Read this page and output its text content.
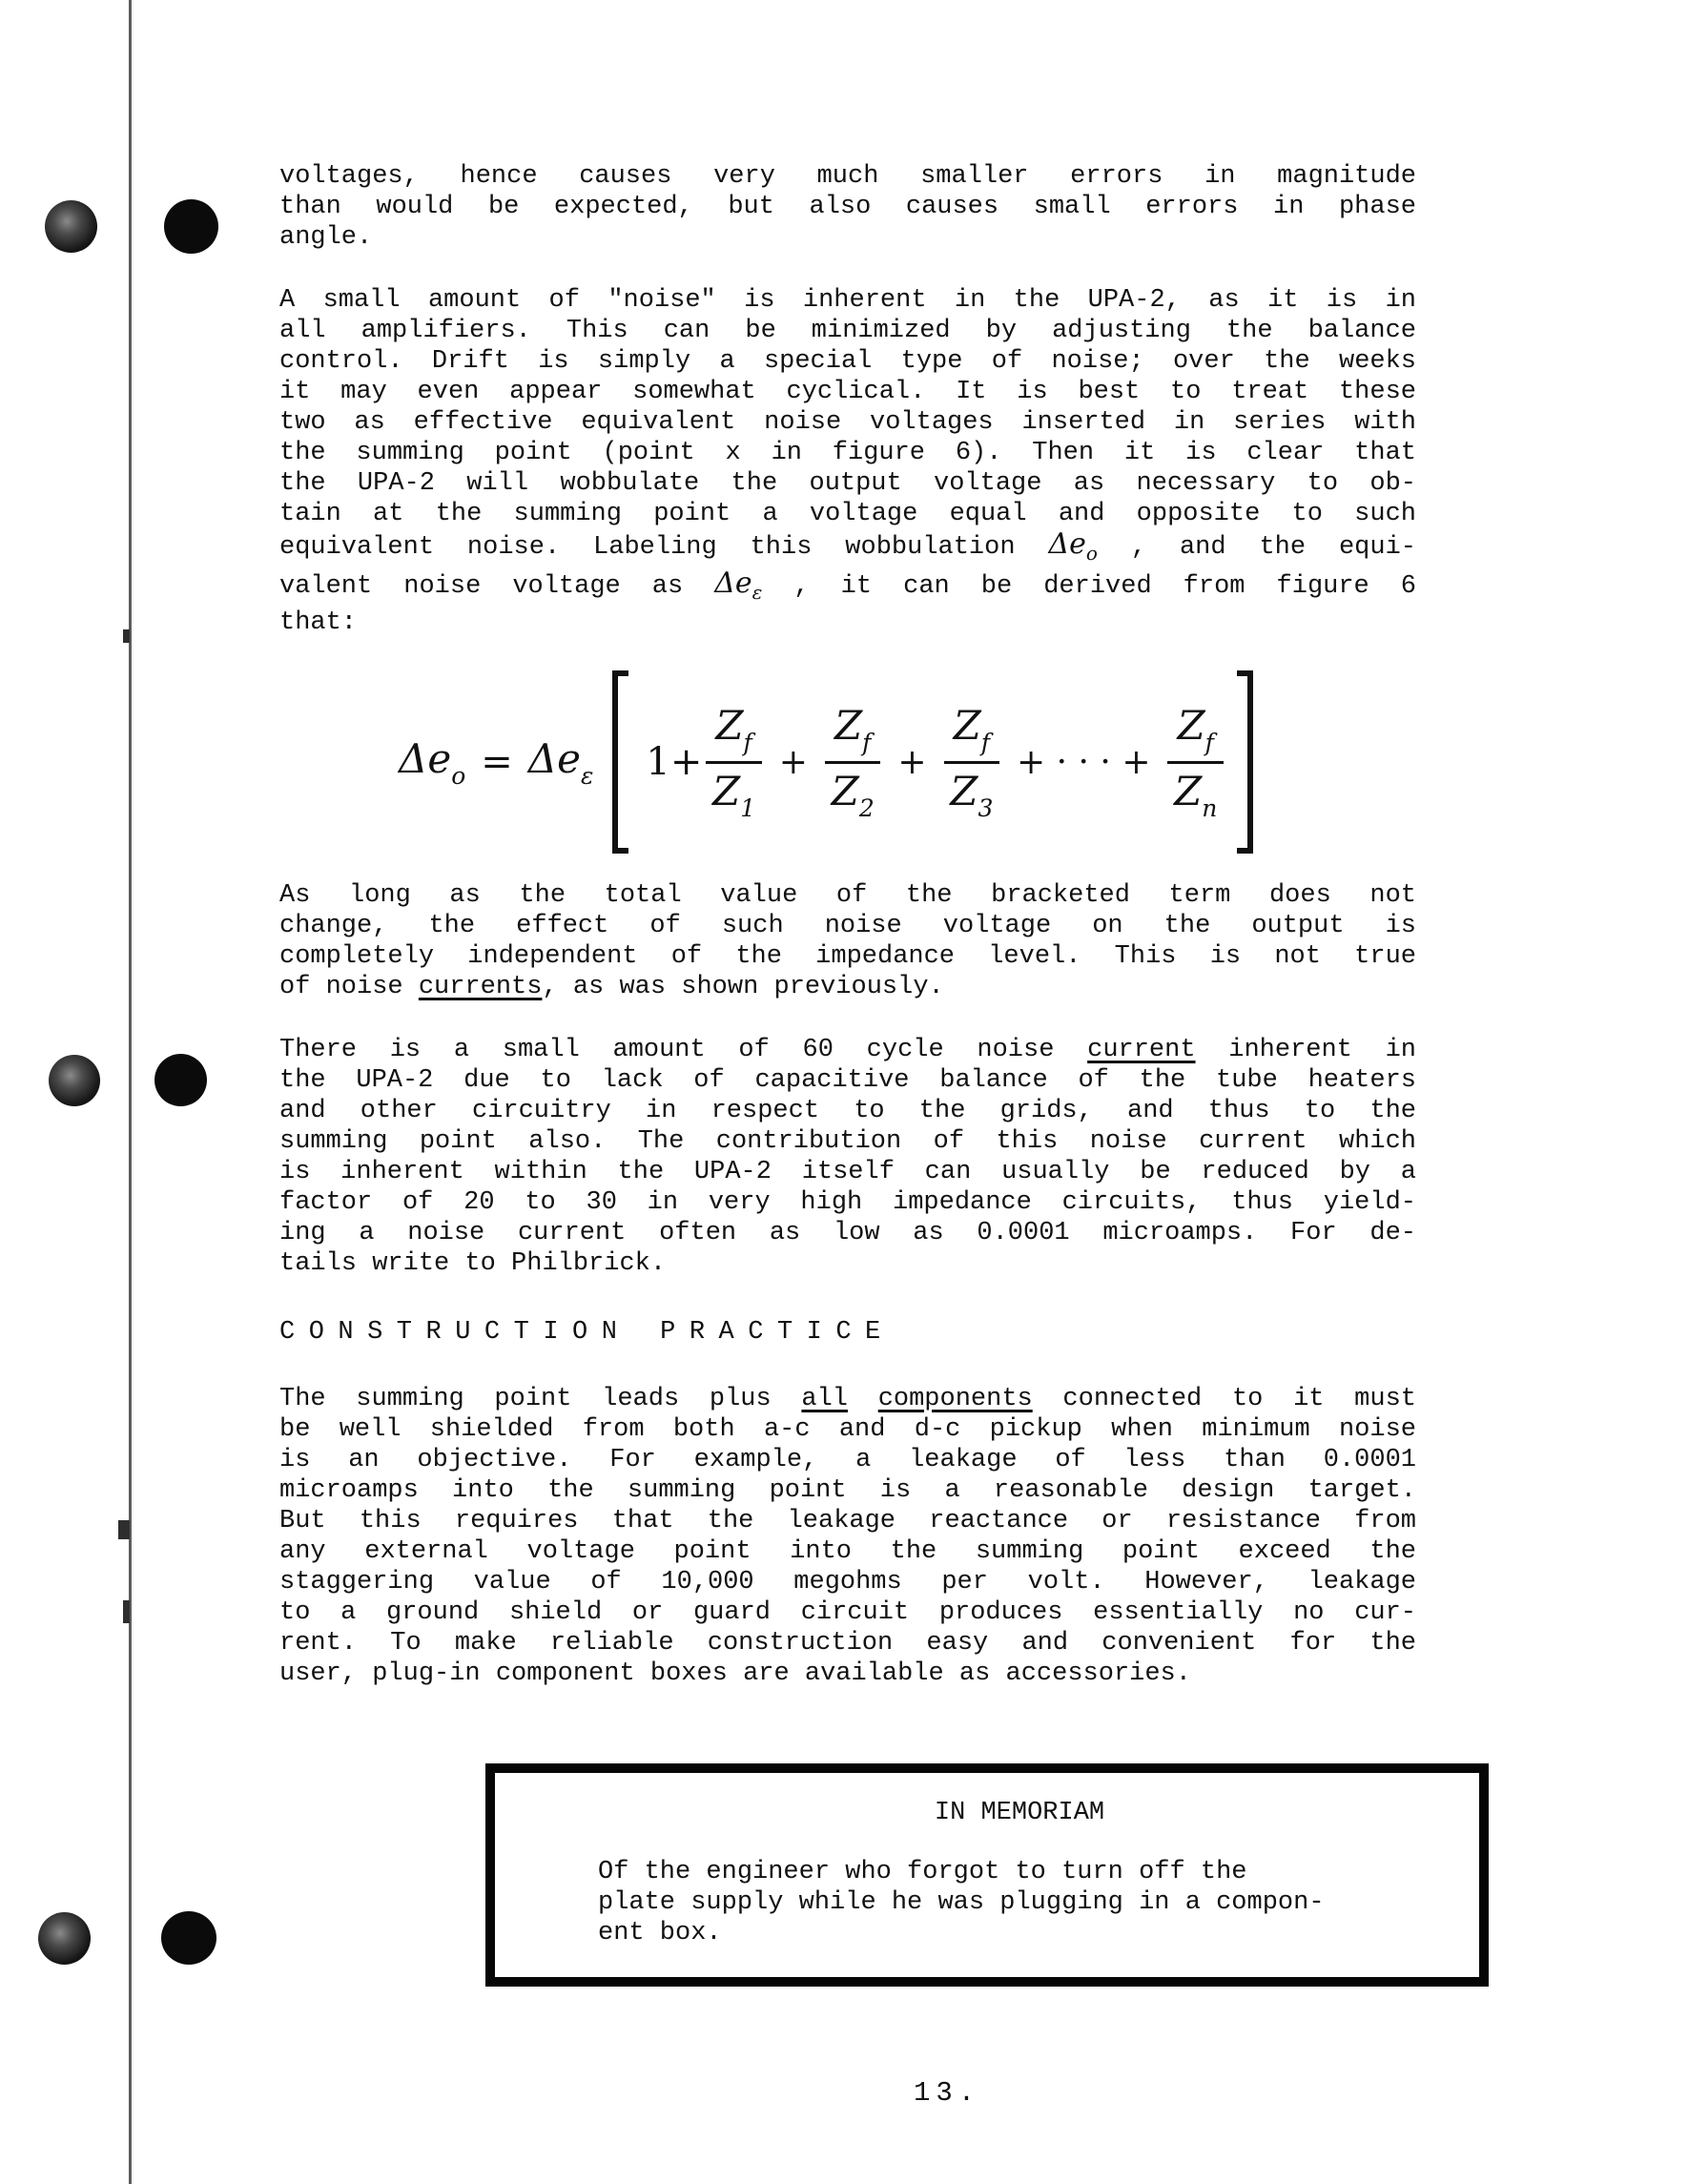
voltages, hence causes very much smaller errors in magnitude
than would be expected, but also causes small errors in phase
angle.
A small amount of "noise" is inherent in the UPA-2, as it is in
all amplifiers. This can be minimized by adjusting the balance
control. Drift is simply a special type of noise; over the weeks
it may even appear somewhat cyclical. It is best to treat these
two as effective equivalent noise voltages inserted in series with
the summing point (point x in figure 6). Then it is clear that
the UPA-2 will wobbulate the output voltage as necessary to ob-
tain at the summing point a voltage equal and opposite to such
equivalent noise. Labeling this wobbulation $\Delta e_o$ , and the equi-
valent noise voltage as $\Delta e_\varepsilon$ , it can be derived from figure 6
that:
Δeo = Δeε $1+ \frac{Zf}{Z1} + \frac{Zf}{Z2} + \frac{Zf}{Z3}$ + · · · + $\frac{Zf}{Zn}$
As long as the total value of the bracketed term does not
change, the effect of such noise voltage on the output is
completely independent of the impedance level. This is not true
of noise currents, as was shown previously.
There is a small amount of 60 cycle noise current inherent in
the UPA-2 due to lack of capacitive balance of the tube heaters
and other circuitry in respect to the grids, and thus to the
summing point also. The contribution of this noise current which
is inherent within the UPA-2 itself can usually be reduced by a
factor of 20 to 30 in very high impedance circuits, thus yield-
ing a noise current often as low as 0.0001 microamps. For de-
tails write to Philbrick.
CONSTRUCTION PRACTICE
The summing point leads plus all components connected to it must
be well shielded from both a-c and d-c pickup when minimum noise
is an objective. For example, a leakage of less than 0.0001
microamps into the summing point is a reasonable design target.
But this requires that the leakage reactance or resistance from
any external voltage point into the summing point exceed the
staggering value of 10,000 megohms per volt. However, leakage
to a ground shield or guard circuit produces essentially no cur-
rent. To make reliable construction easy and convenient for the
user, plug-in component boxes are available as accessories.
IN MEMORIAM
Of the engineer who forgot to turn off the
plate supply while he was plugging in a compon-
ent box.
13.
